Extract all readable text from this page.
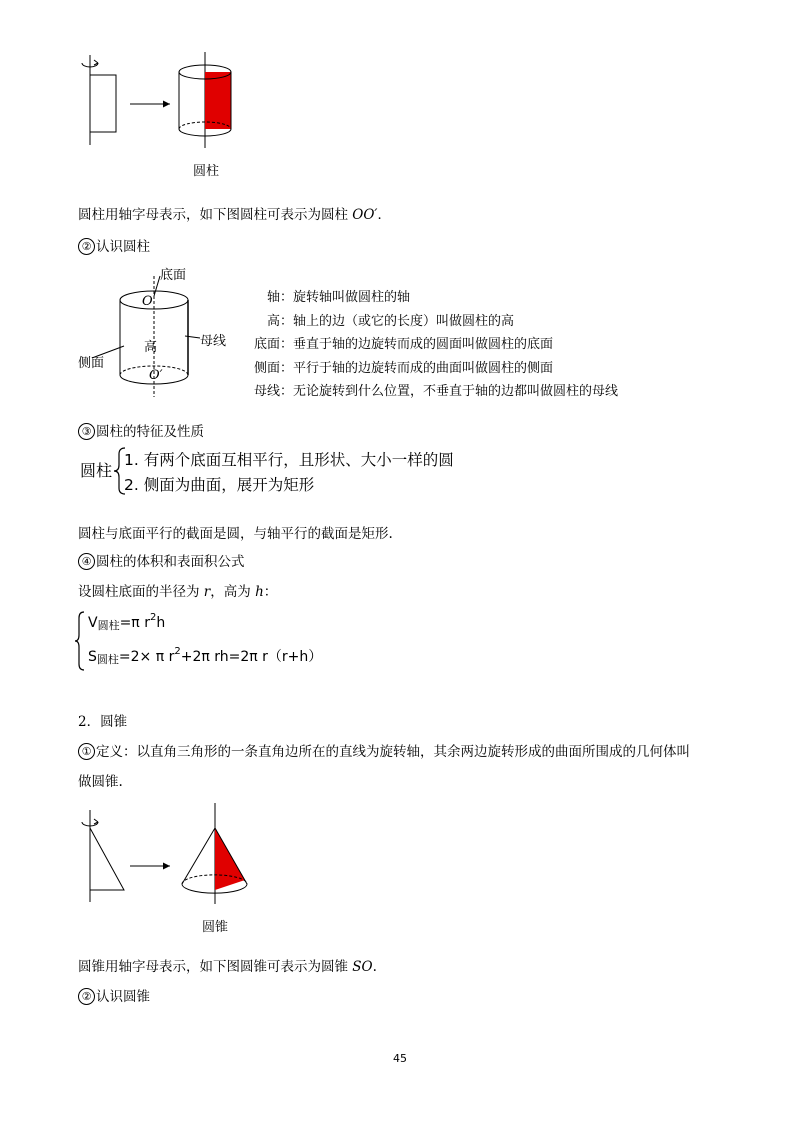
圆柱
圆柱用轴字母表示，如下图圆柱可表示为圆柱 OO′．
② 认识圆柱
底面
O
母线
高
侧面
O′
轴：旋转轴叫做圆柱的轴
高：轴上的边（或它的长度）叫做圆柱的高
底面：垂直于轴的边旋转而成的圆面叫做圆柱的底面
侧面：平行于轴的边旋转而成的曲面叫做圆柱的侧面
母线：无论旋转到什么位置，不垂直于轴的边都叫做圆柱的母线
③ 圆柱的特征及性质
圆柱
1. 有两个底面互相平行，且形状、大小一样的圆
2. 侧面为曲面，展开为矩形
圆柱与底面平行的截面是圆，与轴平行的截面是矩形.
④ 圆柱的体积和表面积公式
设圆柱底面的半径为 r，高为 h：
$V_{圆柱}=\pi$ $r^2h$
$S_{圆柱}=2\times \pi$ $r^2+2\pi$ rh=2π r（r+h）
2．圆锥
① 定义：以直角三角形的一条直角边所在的直线为旋转轴，其余两边旋转形成的曲面所围成的几何体叫
做圆锥.
圆锥
圆锥用轴字母表示，如下图圆锥可表示为圆锥 SO.
② 认识圆锥
45
